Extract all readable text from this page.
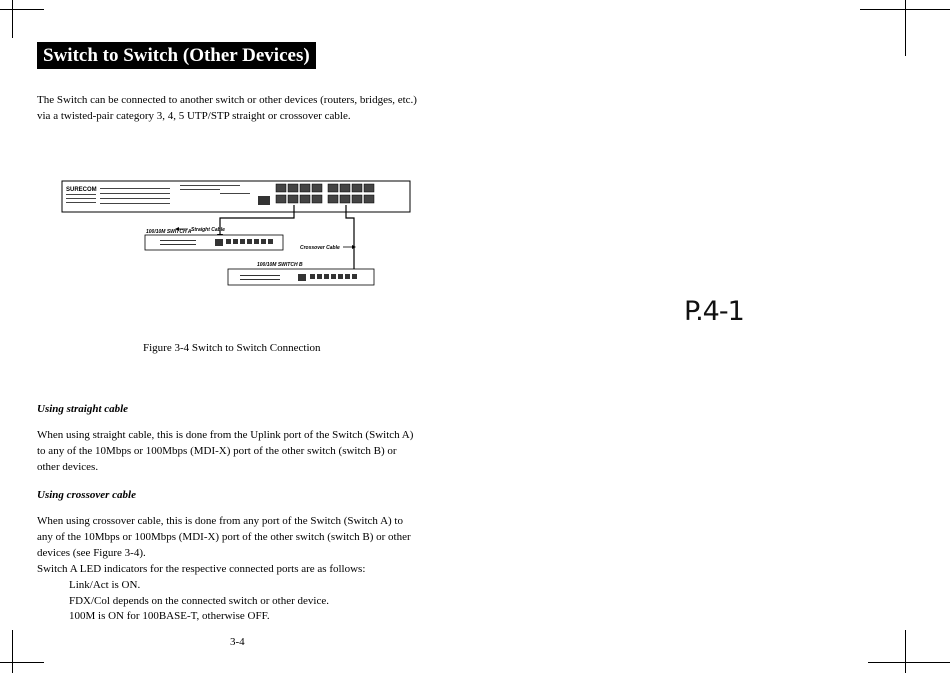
Switch to Switch (Other Devices)
The Switch can be connected to another switch or other devices (routers, bridges, etc.)
via a twisted-pair category 3, 4, 5 UTP/STP straight or crossover cable.
SURECOM
Straight Cable
Crossover Cable
100/10M SWITCH A
100/10M SWITCH B
Figure 3-4 Switch to Switch Connection
P.4-1
Using straight cable
When using straight cable, this is done from the Uplink port of the Switch (Switch A)
to any of the 10Mbps or 100Mbps (MDI-X) port of the other switch (switch B) or
other devices.
Using crossover cable
When using crossover cable, this is done from any port of the Switch (Switch A) to
any of the 10Mbps or 100Mbps (MDI-X) port of the other switch (switch B) or other
devices (see Figure 3-4).
Switch A LED indicators for the respective connected ports are as follows:
Link/Act is ON.
FDX/Col depends on the connected switch or other device.
100M is ON for 100BASE-T, otherwise OFF.
3-4
